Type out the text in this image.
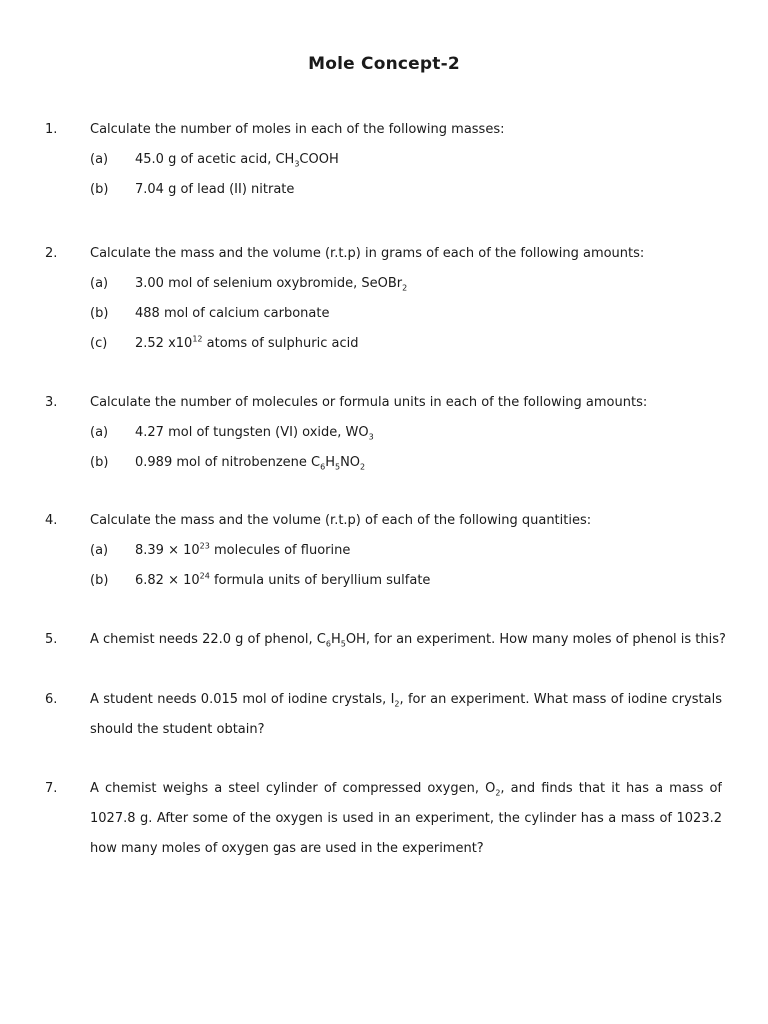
Mole Concept-2
1.	Calculate the number of moles in each of the following masses:
(a) 45.0 g of acetic acid, $CH_3COOH$
(b) 7.04 g of lead (II) nitrate
2.	Calculate the mass and the volume (r.t.p) in grams of each of the following amounts:
(a) 3.00 mol of selenium oxybromide, SeOBr$_2$
(b) 488 mol of calcium carbonate
(c) 2.52 $x10^{12}$ atoms of sulphuric acid
3.	Calculate the number of molecules or formula units in each of the following amounts:
(a) 4.27 mol of tungsten (VI) oxide, $WO_3$
(b) 0.989 mol of nitrobenzene $C_6H_5NO_2$
4.	Calculate the mass and the volume (r.t.p) of each of the following quantities:
(a) $8.39 \times 10^{23}$ molecules of fluorine
(b) $6.82 \times 10^{24}$ formula units of beryllium sulfate
5.	A chemist needs 22.0 g of phenol, $C_6H_5OH$, for an experiment. How many moles of phenol is this?
6.	A student needs 0.015 mol of iodine crystals, $I_2$, for an experiment. What mass of iodine crystals
should the student obtain?
7.	A chemist weighs a steel cylinder of compressed oxygen, $O_2$, and finds that it has a mass of
1027.8 g. After some of the oxygen is used in an experiment, the cylinder has a mass of 1023.2
how many moles of oxygen gas are used in the experiment?
